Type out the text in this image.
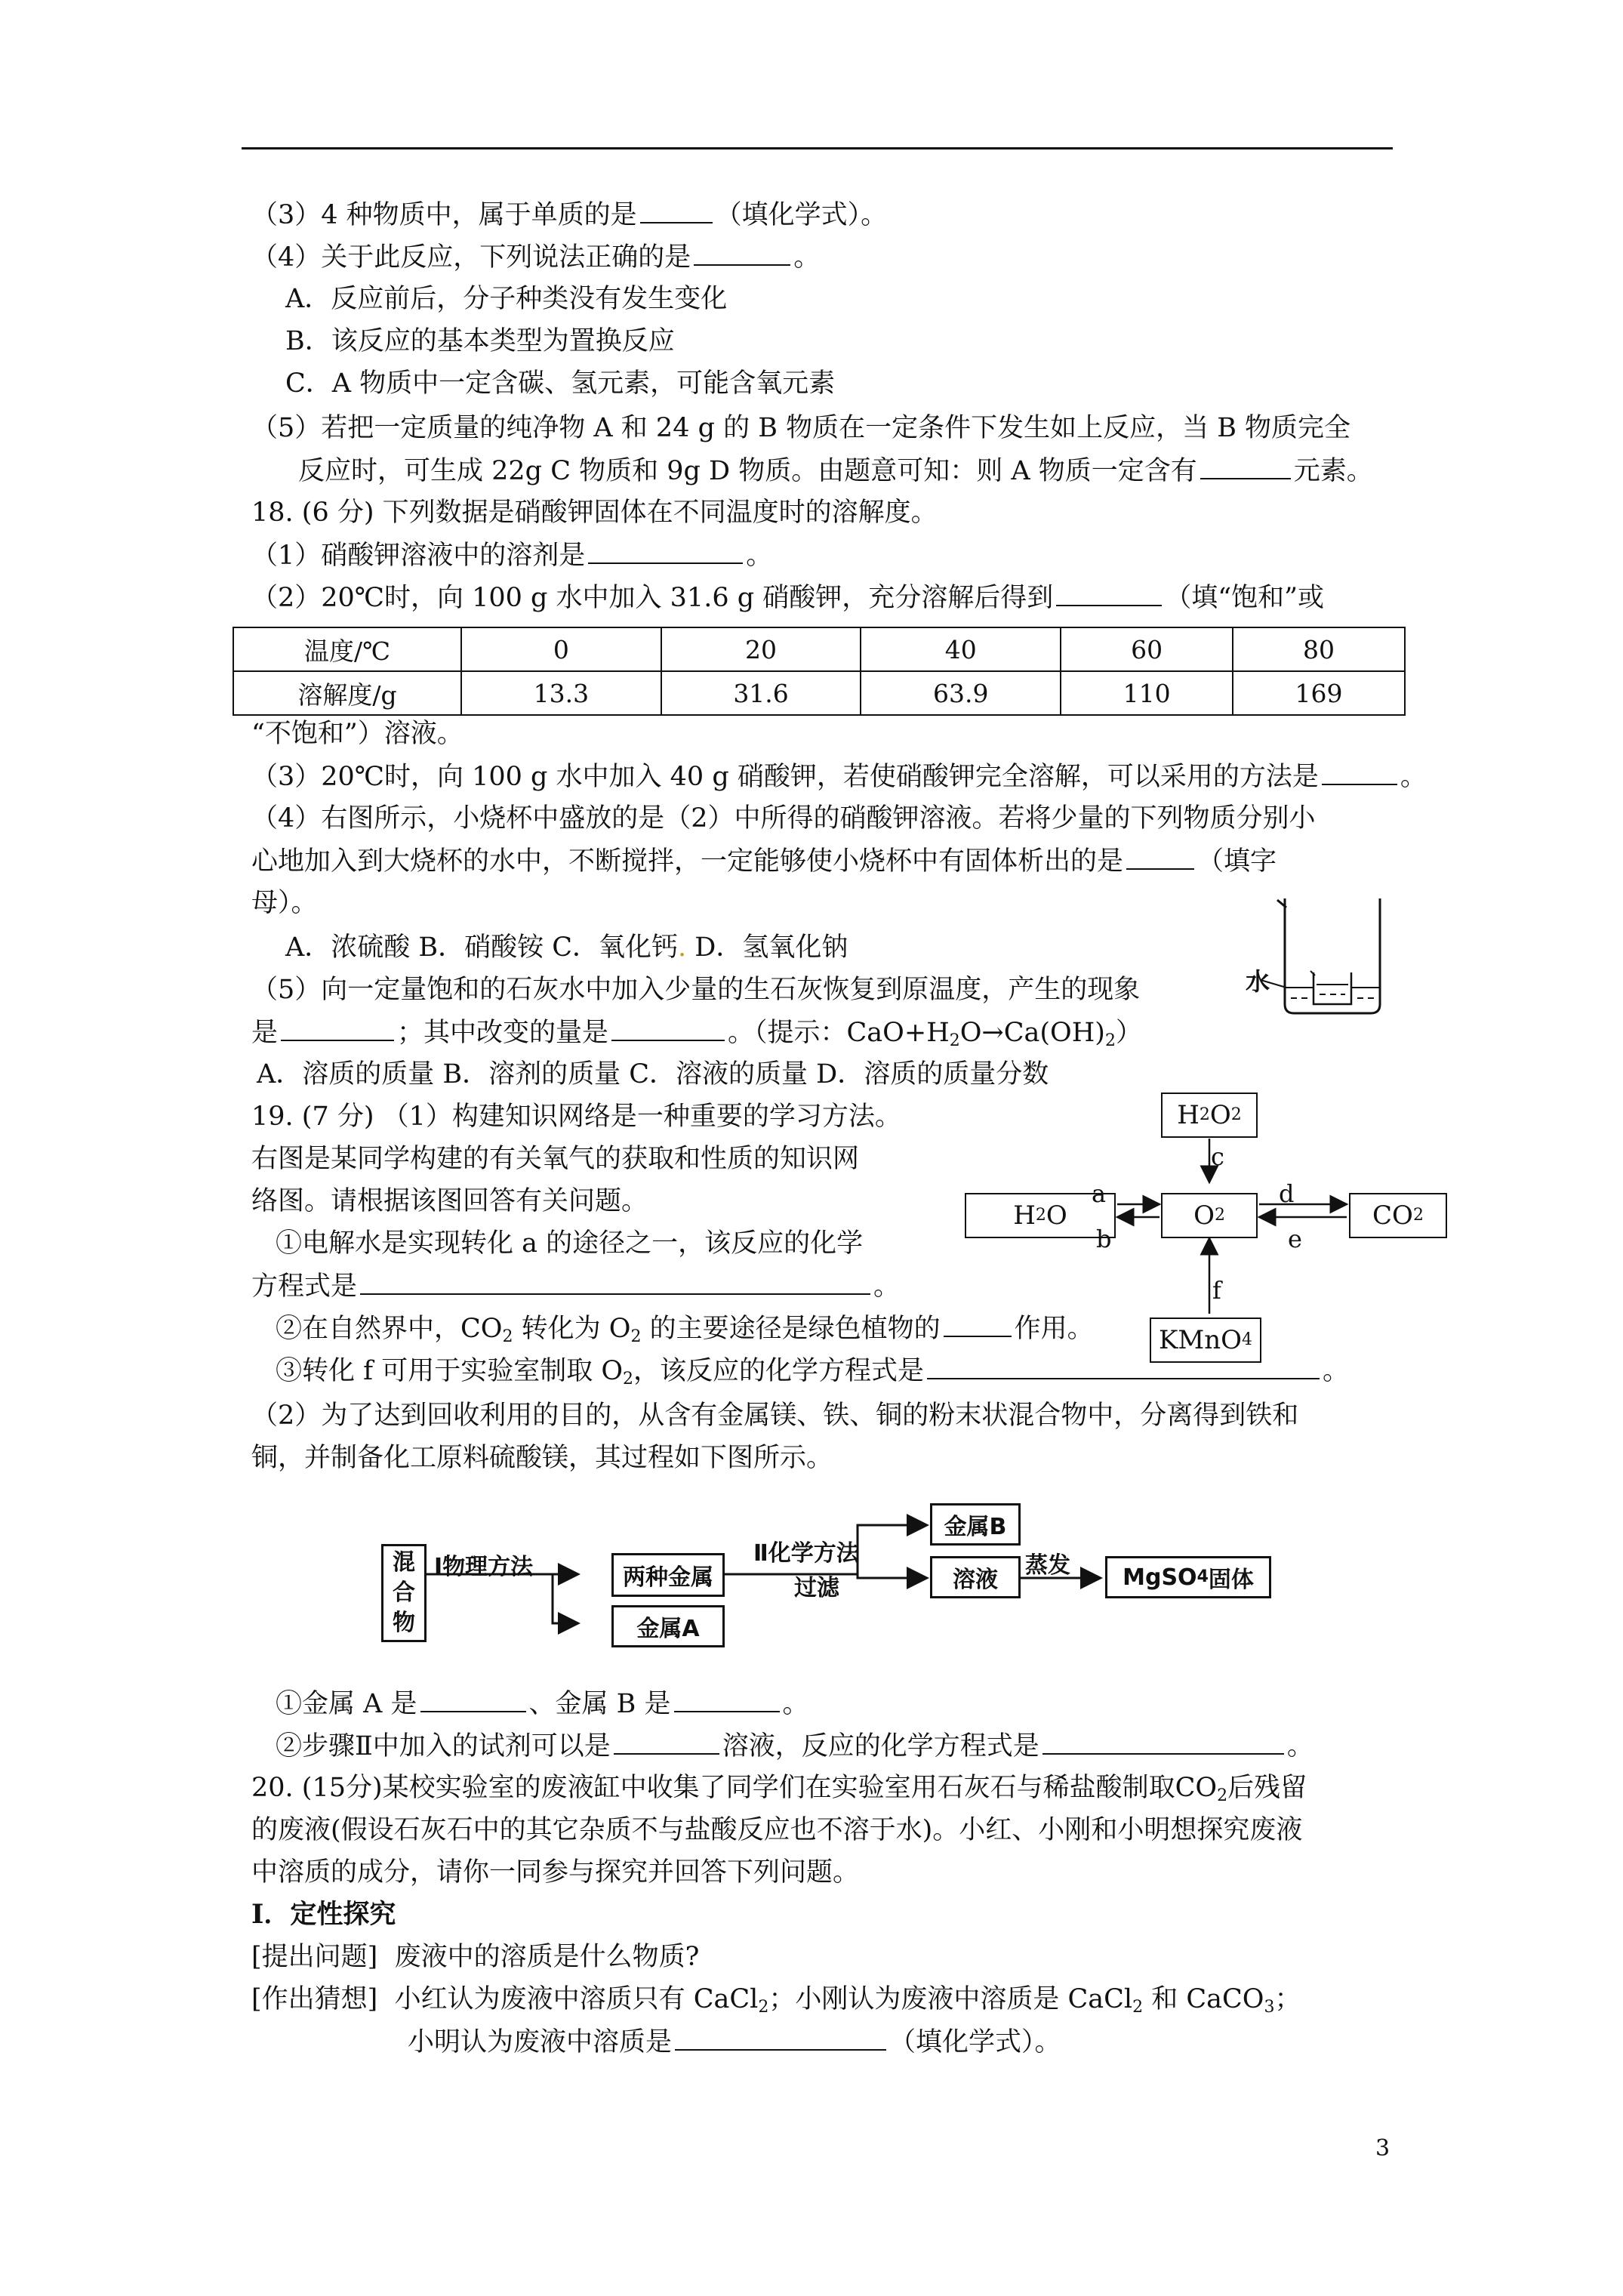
（3）4 种物质中，属于单质的是	（填化学式）。
（4）关于此反应，下列说法正确的是	。
A．反应前后，分子种类没有发生变化
B．该反应的基本类型为置换反应
C．A 物质中一定含碳、氢元素，可能含氧元素
（5）若把一定质量的纯净物 A 和 24 g 的 B 物质在一定条件下发生如上反应，当 B 物质完全
反应时，可生成 22g C 物质和 9g D 物质。由题意可知：则 A 物质一定含有	元素。
18. (6 分) 下列数据是硝酸钾固体在不同温度时的溶解度。
（1）硝酸钾溶液中的溶剂是	。
（2）20℃时，向 100 g 水中加入 31.6 g 硝酸钾，充分溶解后得到	（填“饱和”或
温度/℃	0	20	40	60	80
溶解度/g	13.3	31.6	63.9	110	169
“不饱和”）溶液。
（3）20℃时，向 100 g 水中加入 40 g 硝酸钾，若使硝酸钾完全溶解，可以采用的方法是	。
（4）右图所示，小烧杯中盛放的是（2）中所得的硝酸钾溶液。若将少量的下列物质分别小
心地加入到大烧杯的水中，不断搅拌，一定能够使小烧杯中有固体析出的是	（填字
母）。
A．浓硫酸 B．硝酸铵 C．氧化钙. D．氢氧化钠
（5）向一定量饱和的石灰水中加入少量的生石灰恢复到原温度，产生的现象
是	；其中改变的量是	。（提示：$CaO+H_2O\to Ca(OH)_2$）
A．溶质的质量 B．溶剂的质量 C．溶液的质量 D．溶质的质量分数
水
19. (7 分) （1）构建知识网络是一种重要的学习方法。
右图是某同学构建的有关氧气的获取和性质的知识网
络图。请根据该图回答有关问题。
①电解水是实现转化 a 的途径之一，该反应的化学
方程式是	。
②在自然界中，$CO_2$ 转化为 $O_2$ 的主要途径是绿色植物的	作用。
③转化 f 可用于实验室制取 $O_2$，该反应的化学方程式是	。
H 2 O 2
H 2 O	O 2	CO 2
KMnO 4
c
a
b
d
e
f
（2）为了达到回收利用的目的，从含有金属镁、铁、铜的粉末状混合物中，分离得到铁和
铜，并制备化工原料硫酸镁，其过程如下图所示。
混
合
物
Ⅰ物理方法	两种金属
Ⅱ化学方法
过滤
金属B
溶液
蒸发 MgSO 4 固体
金属A
①金属 A 是	、金属 B 是	。
②步骤Ⅱ中加入的试剂可以是	溶液，反应的化学方程式是	。
20. (15分)某校实验室的废液缸中收集了同学们在实验室用石灰石与稀盐酸制取$CO_2$后残留
的废液(假设石灰石中的其它杂质不与盐酸反应也不溶于水)。小红、小刚和小明想探究废液
中溶质的成分，请你一同参与探究并回答下列问题。
Ⅰ．定性探究
[提出问题] 废液中的溶质是什么物质?
[作出猜想] 小红认为废液中溶质只有 CaCl$_2$；小刚认为废液中溶质是 CaCl$_2$ 和 CaCO$_3$；
小明认为废液中溶质是	（填化学式）。
3
